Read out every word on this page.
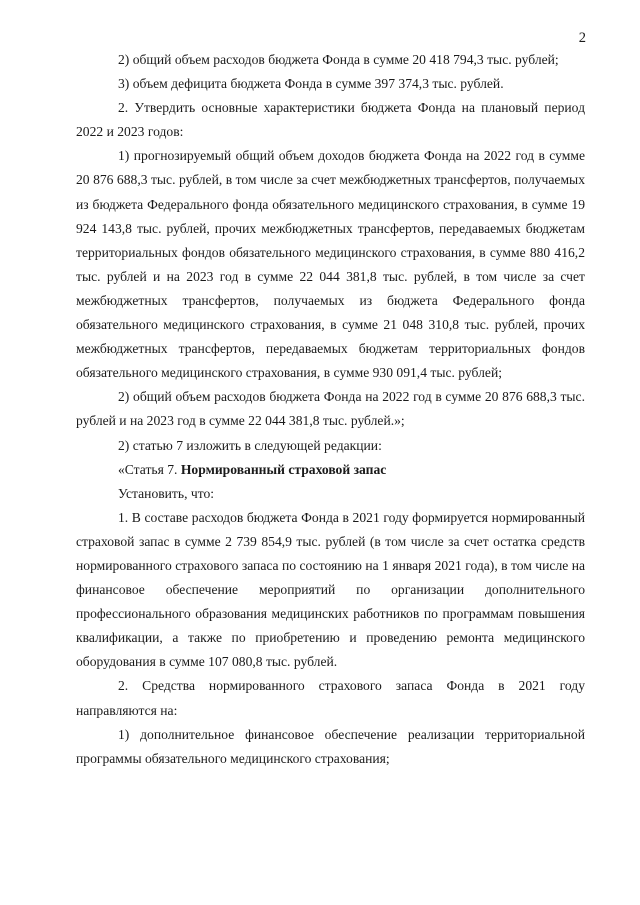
2

2) общий объем расходов бюджета Фонда в сумме 20 418 794,3 тыс. рублей;

3) объем дефицита бюджета Фонда в сумме 397 374,3 тыс. рублей.

2. Утвердить основные характеристики бюджета Фонда на плановый период 2022 и 2023 годов:

1) прогнозируемый общий объем доходов бюджета Фонда на 2022 год в сумме 20 876 688,3 тыс. рублей, в том числе за счет межбюджетных трансфертов, получаемых из бюджета Федерального фонда обязательного медицинского страхования, в сумме 19 924 143,8 тыс. рублей, прочих межбюджетных трансфертов, передаваемых бюджетам территориальных фондов обязательного медицинского страхования, в сумме 880 416,2 тыс. рублей и на 2023 год в сумме 22 044 381,8 тыс. рублей, в том числе за счет межбюджетных трансфертов, получаемых из бюджета Федерального фонда обязательного медицинского страхования, в сумме 21 048 310,8 тыс. рублей, прочих межбюджетных трансфертов, передаваемых бюджетам территориальных фондов обязательного медицинского страхования, в сумме 930 091,4 тыс. рублей;

2) общий объем расходов бюджета Фонда на 2022 год в сумме 20 876 688,3 тыс. рублей и на 2023 год в сумме 22 044 381,8 тыс. рублей.»;

2) статью 7 изложить в следующей редакции:

«Статья 7. Нормированный страховой запас

Установить, что:

1. В составе расходов бюджета Фонда в 2021 году формируется нормированный страховой запас в сумме 2 739 854,9 тыс. рублей (в том числе за счет остатка средств нормированного страхового запаса по состоянию на 1 января 2021 года), в том числе на финансовое обеспечение мероприятий по организации дополнительного профессионального образования медицинских работников по программам повышения квалификации, а также по приобретению и проведению ремонта медицинского оборудования в сумме 107 080,8 тыс. рублей.

2. Средства нормированного страхового запаса Фонда в 2021 году направляются на:

1) дополнительное финансовое обеспечение реализации территориальной программы обязательного медицинского страхования;
